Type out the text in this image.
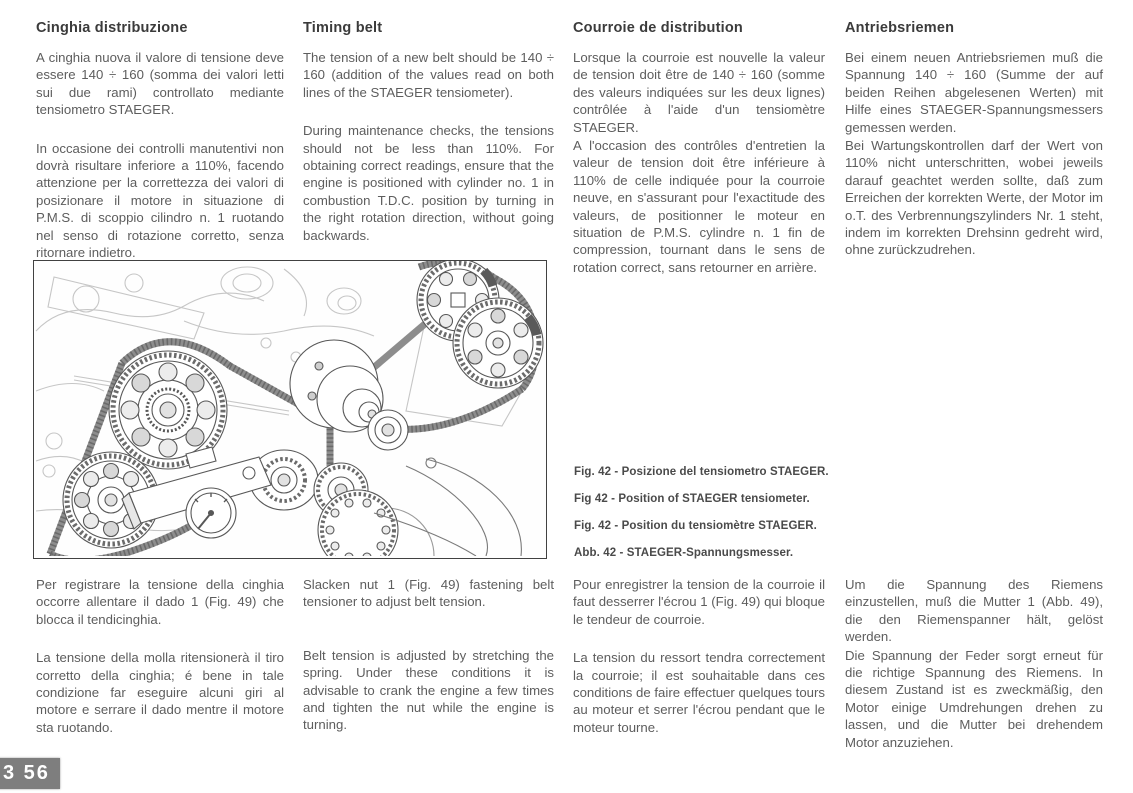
Cinghia distribuzione

A cinghia nuova il valore di tensione deve essere 140 ÷ 160 (somma dei valori letti sui due rami) controllato mediante tensiometro STAEGER.

In occasione dei controlli manutentivi non dovrà risultare inferiore a 110%, facendo attenzione per la correttezza dei valori di posizionare il motore in situazione di P.M.S. di scoppio cilindro n. 1 ruotando nel senso di rotazione corretto, senza ritornare indietro.

Timing belt

The tension of a new belt should be 140 ÷ 160 (addition of the values read on both lines of the STAEGER tensiometer).

During maintenance checks, the tensions should not be less than 110%. For obtaining correct readings, ensure that the engine is positioned with cylinder no. 1 in combustion T.D.C. position by turning in the right rotation direction, without going backwards.

Courroie de distribution

Lorsque la courroie est nouvelle la valeur de tension doit être de 140 ÷ 160 (somme des valeurs indiquées sur les deux lignes) contrôlée à l'aide d'un tensiomètre STAEGER.

A l'occasion des contrôles d'entretien la valeur de tension doit être inférieure à 110% de celle indiquée pour la courroie neuve, en s'assurant pour l'exactitude des valeurs, de positionner le moteur en situation de P.M.S. cylindre n. 1 fin de compression, tournant dans le sens de rotation correct, sans retourner en arrière.

Antriebsriemen

Bei einem neuen Antriebsriemen muß die Spannung 140 ÷ 160 (Summe der auf beiden Reihen abgelesenen Werten) mit Hilfe eines STAEGER-Spannungsmessers gemessen werden.

Bei Wartungskontrollen darf der Wert von 110% nicht unterschritten, wobei jeweils darauf geachtet werden sollte, daß zum Erreichen der korrekten Werte, der Motor im o.T. des Verbrennungszylinders Nr. 1 steht, indem im korrekten Drehsinn gedreht wird, ohne zurückzudrehen.

Fig. 42 - Posizione del tensiometro STAEGER.

Fig 42 - Position of STAEGER tensiometer.

Fig. 42 - Position du tensiomètre STAEGER.

Abb. 42 - STAEGER-Spannungsmesser.

Per registrare la tensione della cinghia occorre allentare il dado 1 (Fig. 49) che blocca il tendicinghia.

La tensione della molla ritensionerà il tiro corretto della cinghia; é bene in tale condizione far eseguire alcuni giri al motore e serrare il dado mentre il motore sta ruotando.

Slacken nut 1 (Fig. 49) fastening belt tensioner to adjust belt tension.

Belt tension is adjusted by stretching the spring. Under these conditions it is advisable to crank the engine a few times and tighten the nut while the engine is turning.

Pour enregistrer la tension de la courroie il faut desserrer l'écrou 1 (Fig. 49) qui bloque le tendeur de courroie.

La tension du ressort tendra correctement la courroie; il est souhaitable dans ces conditions de faire effectuer quelques tours au moteur et serrer l'écrou pendant que le moteur tourne.

Um die Spannung des Riemens einzustellen, muß die Mutter 1 (Abb. 49), die den Riemenspanner hält, gelöst werden.

Die Spannung der Feder sorgt erneut für die richtige Spannung des Riemens. In diesem Zustand ist es zweckmäßig, den Motor einige Umdrehungen drehen zu lassen, und die Mutter bei drehendem Motor anzuziehen.

3 56
